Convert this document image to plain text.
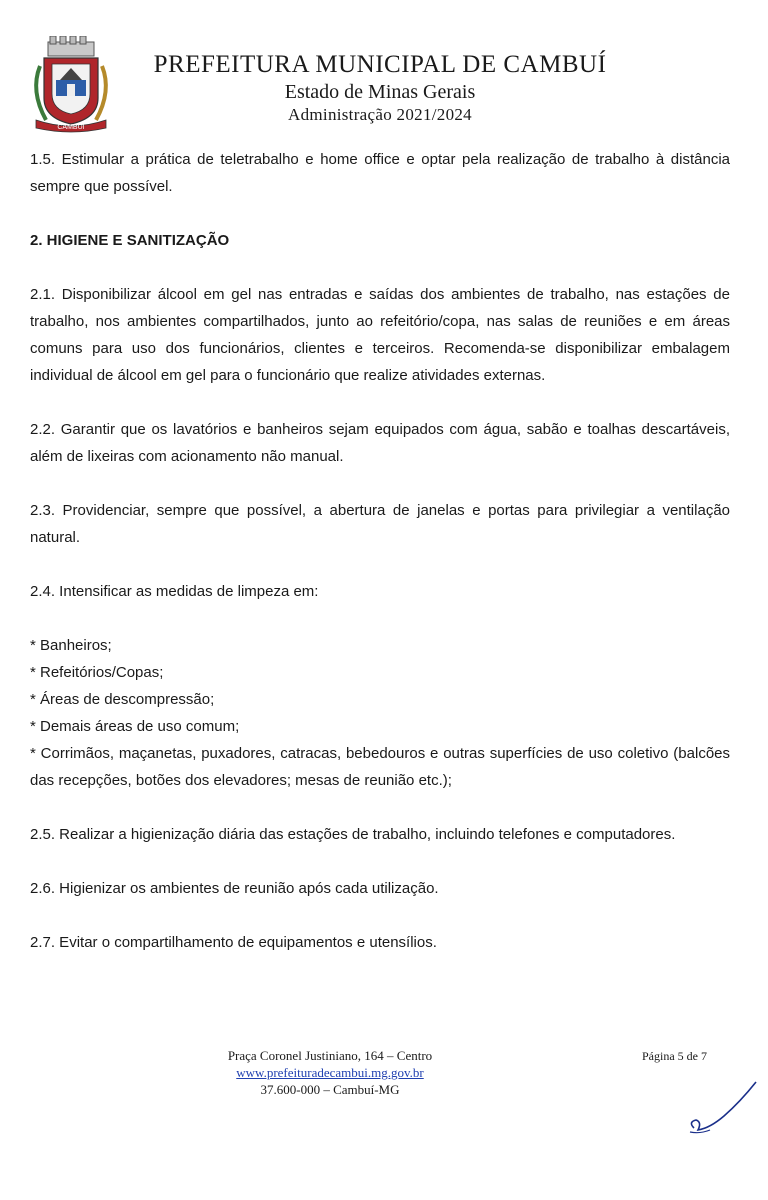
CAMBUÍ
PREFEITURA MUNICIPAL DE CAMBUÍ
Estado de Minas Gerais
Administração 2021/2024

1.5. Estimular a prática de teletrabalho e home office e optar pela realização de trabalho à distância sempre que possível.

2. HIGIENE E SANITIZAÇÃO

2.1. Disponibilizar álcool em gel nas entradas e saídas dos ambientes de trabalho, nas estações de trabalho, nos ambientes compartilhados, junto ao refeitório/copa, nas salas de reuniões e em áreas comuns para uso dos funcionários, clientes e terceiros. Recomenda-se disponibilizar embalagem individual de álcool em gel para o funcionário que realize atividades externas.

2.2. Garantir que os lavatórios e banheiros sejam equipados com água, sabão e toalhas descartáveis, além de lixeiras com acionamento não manual.

2.3. Providenciar, sempre que possível, a abertura de janelas e portas para privilegiar a ventilação natural.

2.4. Intensificar as medidas de limpeza em:

* Banheiros;

* Refeitórios/Copas;

* Áreas de descompressão;

* Demais áreas de uso comum;

* Corrimãos, maçanetas, puxadores, catracas, bebedouros e outras superfícies de uso coletivo (balcões das recepções, botões dos elevadores; mesas de reunião etc.);

2.5. Realizar a higienização diária das estações de trabalho, incluindo telefones e computadores.

2.6. Higienizar os ambientes de reunião após cada utilização.

2.7. Evitar o compartilhamento de equipamentos e utensílios.

Praça Coronel Justiniano, 164 – Centro
www.prefeituradecambui.mg.gov.br
37.600-000 – Cambuí-MG
Página 5 de 7
